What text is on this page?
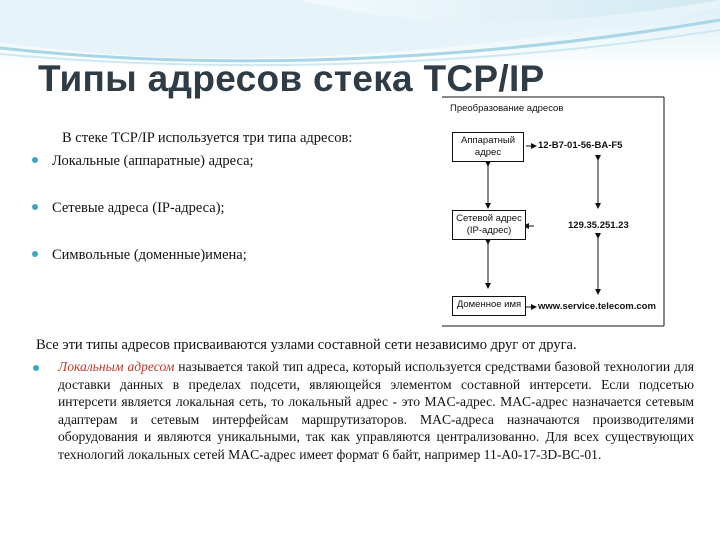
Типы адресов стека TCP/IP
В стеке TCP/IP используется три типа адресов:
Локальные (аппаратные) адреса;
Сетевые адреса (IP-адреса);
Символьные (доменные)имена;
Преобразование адресов
Аппаратный
адрес
12-B7-01-56-BA-F5
Сетевой адрес
(IP-адрес)	129.35.251.23
Доменное имя	www.service.telecom.com
Все эти типы адресов присваиваются узлами составной сети независимо друг от друга.
Локальным адресом называется такой тип адреса, который используется средствами базовой технологии для доставки данных в пределах подсети, являющейся элементом составной интерсети. Если подсетью интерсети является локальная сеть, то локальный адрес - это MAC-адрес. MAC-адрес назначается сетевым адаптерам и сетевым интерфейсам маршрутизаторов. MAC-адреса назначаются производителями оборудования и являются уникальными, так как управляются централизованно. Для всех существующих технологий локальных сетей MAC-адрес имеет формат 6 байт, например 11-A0-17-3D-BC-01.
